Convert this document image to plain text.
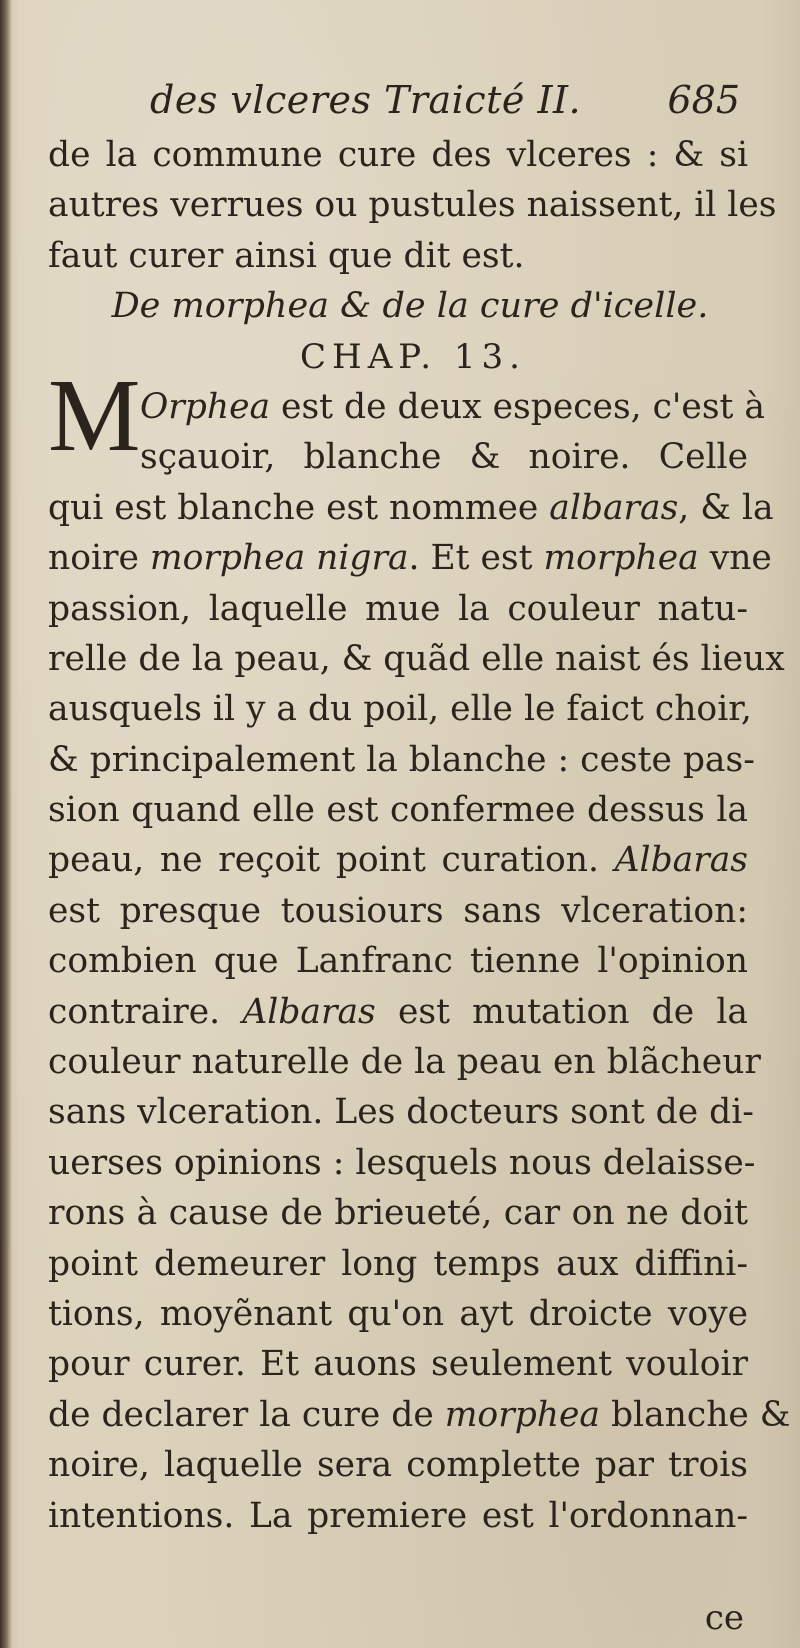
des vlceres Traicté II. 685
M
de la commune cure des vlceres : & si
autres verrues ou pustules naissent, il les
faut curer ainsi que dit est.
De morphea & de la cure d'icelle.
CHAP. 13.
Orphea est de deux especes, c'est à
sçauoir, blanche & noire. Celle
qui est blanche est nommee albaras, & la
noire morphea nigra. Et est morphea vne
passion, laquelle mue la couleur natu-
relle de la peau, & quãd elle naist és lieux
ausquels il y a du poil, elle le faict choir,
& principalement la blanche : ceste pas-
sion quand elle est confermee dessus la
peau, ne reçoit point curation. Albaras
est presque tousiours sans vlceration:
combien que Lanfranc tienne l'opinion
contraire. Albaras est mutation de la
couleur naturelle de la peau en blãcheur
sans vlceration. Les docteurs sont de di-
uerses opinions : lesquels nous delaisse-
rons à cause de brieueté, car on ne doit
point demeurer long temps aux diffini-
tions, moyẽnant qu'on ayt droicte voye
pour curer. Et auons seulement vouloir
de declarer la cure de morphea blanche &
noire, laquelle sera complette par trois
intentions. La premiere est l'ordonnan-
ce
